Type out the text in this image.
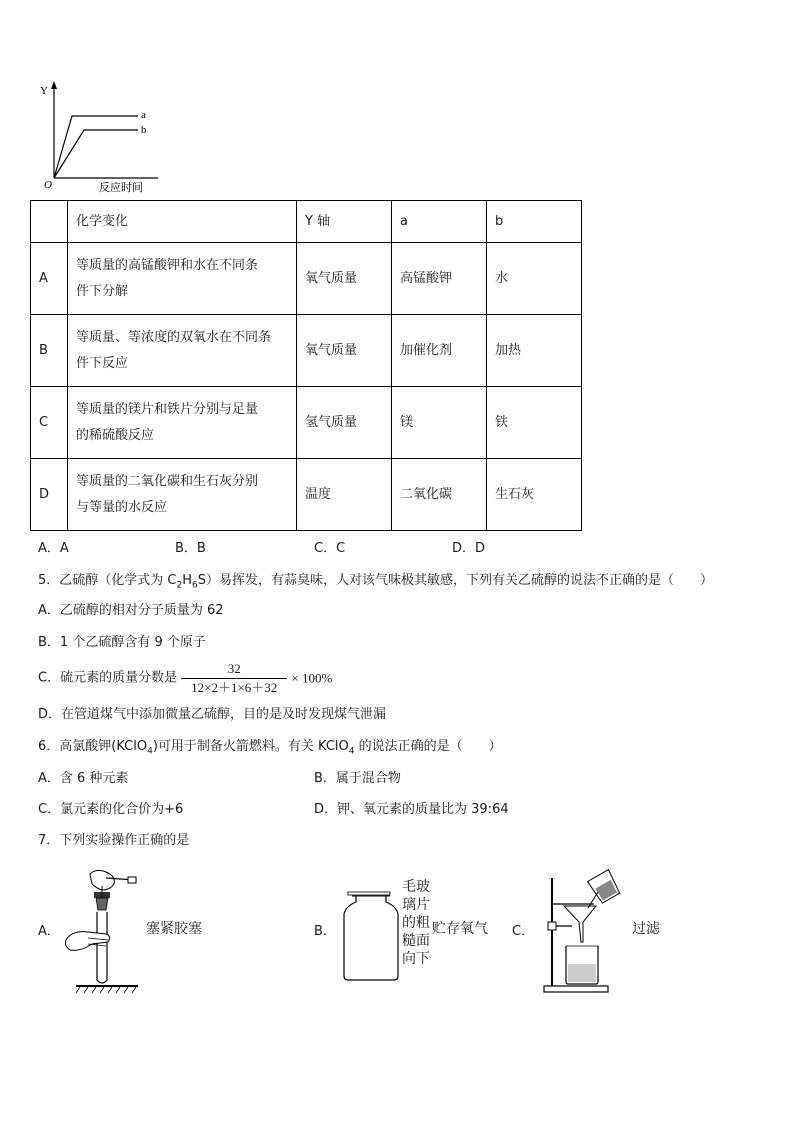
Y
O	反应时间
a
b
	化学变化	Y 轴	a	b
A	等质量的高锰酸钾和水在不同条
件下分解	氧气质量	高锰酸钾	水
B	等质量、等浓度的双氧水在不同条
件下反应	氧气质量	加催化剂	加热
C	等质量的镁片和铁片分别与足量
的稀硫酸反应	氢气质量	镁	铁
D	等质量的二氧化碳和生石灰分别
与等量的水反应	温度	二氧化碳	生石灰
A．A	B．B	C．C	D．D
5．乙硫醇（化学式为 $C_2H_6S$）易挥发，有蒜臭味，人对该气味极其敏感，下列有关乙硫醇的说法不正确的是（　　）
A．乙硫醇的相对分子质量为 62
B．1 个乙硫醇含有 9 个原子
C．硫元素的质量分数是 $\frac{32}{12\times 2+1\times 6+32} \times 100\%$
D．在管道煤气中添加微量乙硫醇，目的是及时发现煤气泄漏
6．高氯酸钾(KClO$_4$)可用于制备火箭燃料。有关 KClO$_4$ 的说法正确的是（　　）
A．含 6 种元素	B．属于混合物
C．氯元素的化合价为+6	D．钾、氧元素的质量比为 39:64
7．下列实验操作正确的是
A．	塞紧胶塞	B．
毛玻
璃片
的粗
糙面
向下
贮存氧气 C．	过滤
